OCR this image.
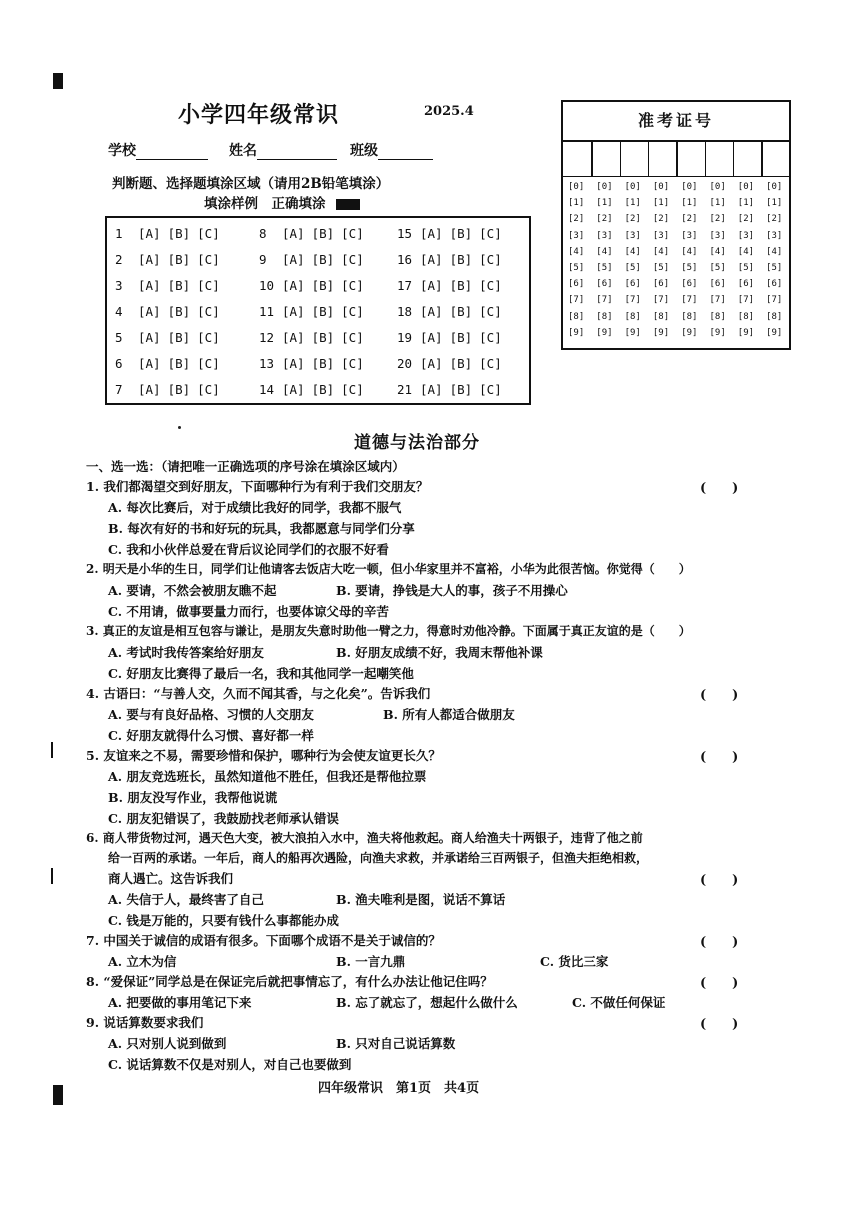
小学四年级常识	2025.4
学校	姓名	班级
判断题、选择题填涂区域（请用2B铅笔填涂）
填涂样例　正确填涂
1 [A] [B] [C]
2 [A] [B] [C]
3 [A] [B] [C]
4 [A] [B] [C]
5 [A] [B] [C]
6 [A] [B] [C]
7 [A] [B] [C]
8 [A] [B] [C]
9 [A] [B] [C]
10 [A] [B] [C]
11 [A] [B] [C]
12 [A] [B] [C]
13 [A] [B] [C]
14 [A] [B] [C]
15 [A] [B] [C]
16 [A] [B] [C]
17 [A] [B] [C]
18 [A] [B] [C]
19 [A] [B] [C]
20 [A] [B] [C]
21 [A] [B] [C]
准考证号
[0] [0] [0] [0] [0] [0] [0] [0]
[1] [1] [1] [1] [1] [1] [1] [1]
[2] [2] [2] [2] [2] [2] [2] [2]
[3] [3] [3] [3] [3] [3] [3] [3]
[4] [4] [4] [4] [4] [4] [4] [4]
[5] [5] [5] [5] [5] [5] [5] [5]
[6] [6] [6] [6] [6] [6] [6] [6]
[7] [7] [7] [7] [7] [7] [7] [7]
[8] [8] [8] [8] [8] [8] [8] [8]
[9] [9] [9] [9] [9] [9] [9] [9]
道德与法治部分
一、选一选：（请把唯一正确选项的序号涂在填涂区域内）
1. 我们都渴望交到好朋友，下面哪种行为有利于我们交朋友？	(　　)
A. 每次比赛后，对于成绩比我好的同学，我都不服气
B. 每次有好的书和好玩的玩具，我都愿意与同学们分享
C. 我和小伙伴总爱在背后议论同学们的衣服不好看
2. 明天是小华的生日，同学们让他请客去饭店大吃一顿，但小华家里并不富裕，小华为此很苦恼。你觉得（　　）
A. 要请，不然会被朋友瞧不起	B. 要请，挣钱是大人的事，孩子不用操心
C. 不用请，做事要量力而行，也要体谅父母的辛苦
3. 真正的友谊是相互包容与谦让，是朋友失意时助他一臂之力，得意时劝他冷静。下面属于真正友谊的是（　　）
A. 考试时我传答案给好朋友	B. 好朋友成绩不好，我周末帮他补课
C. 好朋友比赛得了最后一名，我和其他同学一起嘲笑他
4. 古语曰：“与善人交，久而不闻其香，与之化矣”。告诉我们	(　　)
A. 要与有良好品格、习惯的人交朋友	B. 所有人都适合做朋友
C. 好朋友就得什么习惯、喜好都一样
5. 友谊来之不易，需要珍惜和保护，哪种行为会使友谊更长久？	(　　)
A. 朋友竞选班长，虽然知道他不胜任，但我还是帮他拉票
B. 朋友没写作业，我帮他说谎
C. 朋友犯错误了，我鼓励找老师承认错误
6. 商人带货物过河，遇天色大变，被大浪拍入水中，渔夫将他救起。商人给渔夫十两银子，违背了他之前
给一百两的承诺。一年后，商人的船再次遇险，向渔夫求救，并承诺给三百两银子，但渔夫拒绝相救，
商人遇亡。这告诉我们	(　　)
A. 失信于人，最终害了自己	B. 渔夫唯利是图，说话不算话
C. 钱是万能的，只要有钱什么事都能办成
7. 中国关于诚信的成语有很多。下面哪个成语不是关于诚信的？	(　　)
A. 立木为信	B. 一言九鼎	C. 货比三家
8. “爱保证”同学总是在保证完后就把事情忘了，有什么办法让他记住吗？	(　　)
A. 把要做的事用笔记下来	B. 忘了就忘了，想起什么做什么	C. 不做任何保证
9. 说话算数要求我们	(　　)
A. 只对别人说到做到	B. 只对自己说话算数
C. 说话算数不仅是对别人，对自己也要做到
四年级常识　第1页　共4页
